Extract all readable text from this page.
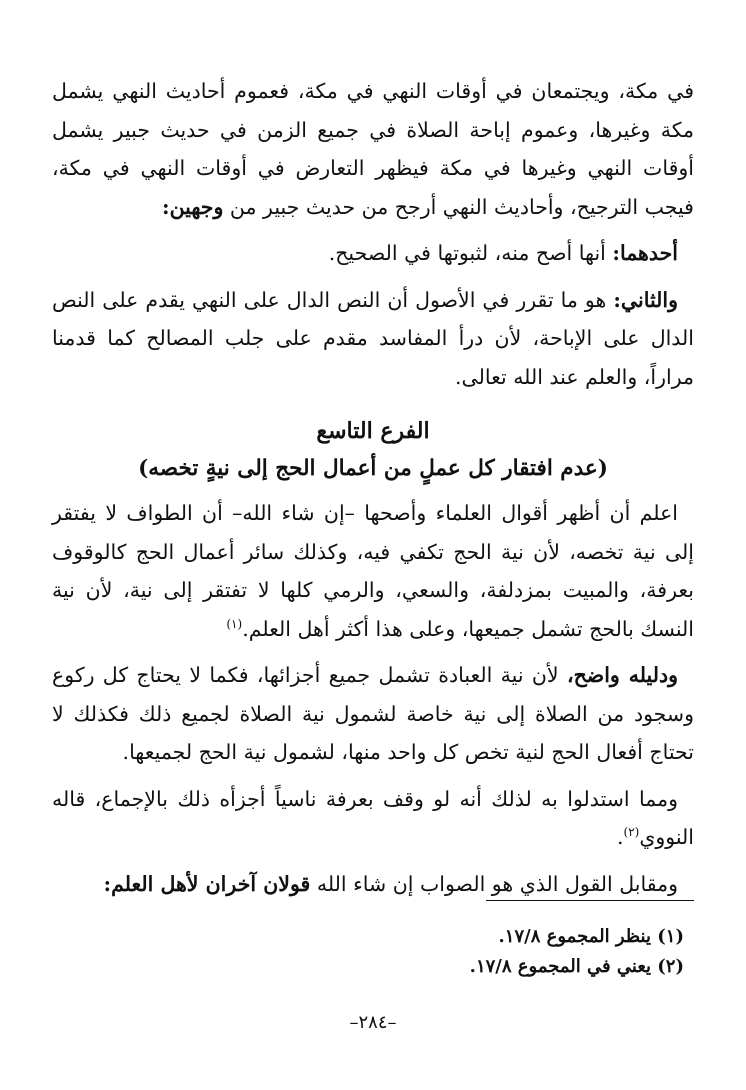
في مكة، ويجتمعان في أوقات النهي في مكة، فعموم أحاديث النهي يشمل مكة وغيرها، وعموم إباحة الصلاة في جميع الزمن في حديث جبير يشمل أوقات النهي وغيرها في مكة فيظهر التعارض في أوقات النهي في مكة، فيجب الترجيح، وأحاديث النهي أرجح من حديث جبير من وجهين:

أحدهما: أنها أصح منه، لثبوتها في الصحيح.

والثاني: هو ما تقرر في الأصول أن النص الدال على النهي يقدم على النص الدال على الإباحة، لأن درأ المفاسد مقدم على جلب المصالح كما قدمنا مراراً، والعلم عند الله تعالى.

الفرع التاسع

(عدم افتقار كل عملٍ من أعمال الحج إلى نيةٍ تخصه)

اعلم أن أظهر أقوال العلماء وأصحها –إن شاء الله– أن الطواف لا يفتقر إلى نية تخصه، لأن نية الحج تكفي فيه، وكذلك سائر أعمال الحج كالوقوف بعرفة، والمبيت بمزدلفة، والسعي، والرمي كلها لا تفتقر إلى نية، لأن نية النسك بالحج تشمل جميعها، وعلى هذا أكثر أهل العلم.$^{(١)}$

ودليله واضح، لأن نية العبادة تشمل جميع أجزائها، فكما لا يحتاج كل ركوع وسجود من الصلاة إلى نية خاصة لشمول نية الصلاة لجميع ذلك فكذلك لا تحتاج أفعال الحج لنية تخص كل واحد منها، لشمول نية الحج لجميعها.

ومما استدلوا به لذلك أنه لو وقف بعرفة ناسياً أجزأه ذلك بالإجماع، قاله النووي$^{(٢)}$.

ومقابل القول الذي هو الصواب إن شاء الله قولان آخران لأهل العلم:

(١) ينظر المجموع ١٧/٨.

(٢) يعني في المجموع ١٧/٨.

–٢٨٤–
